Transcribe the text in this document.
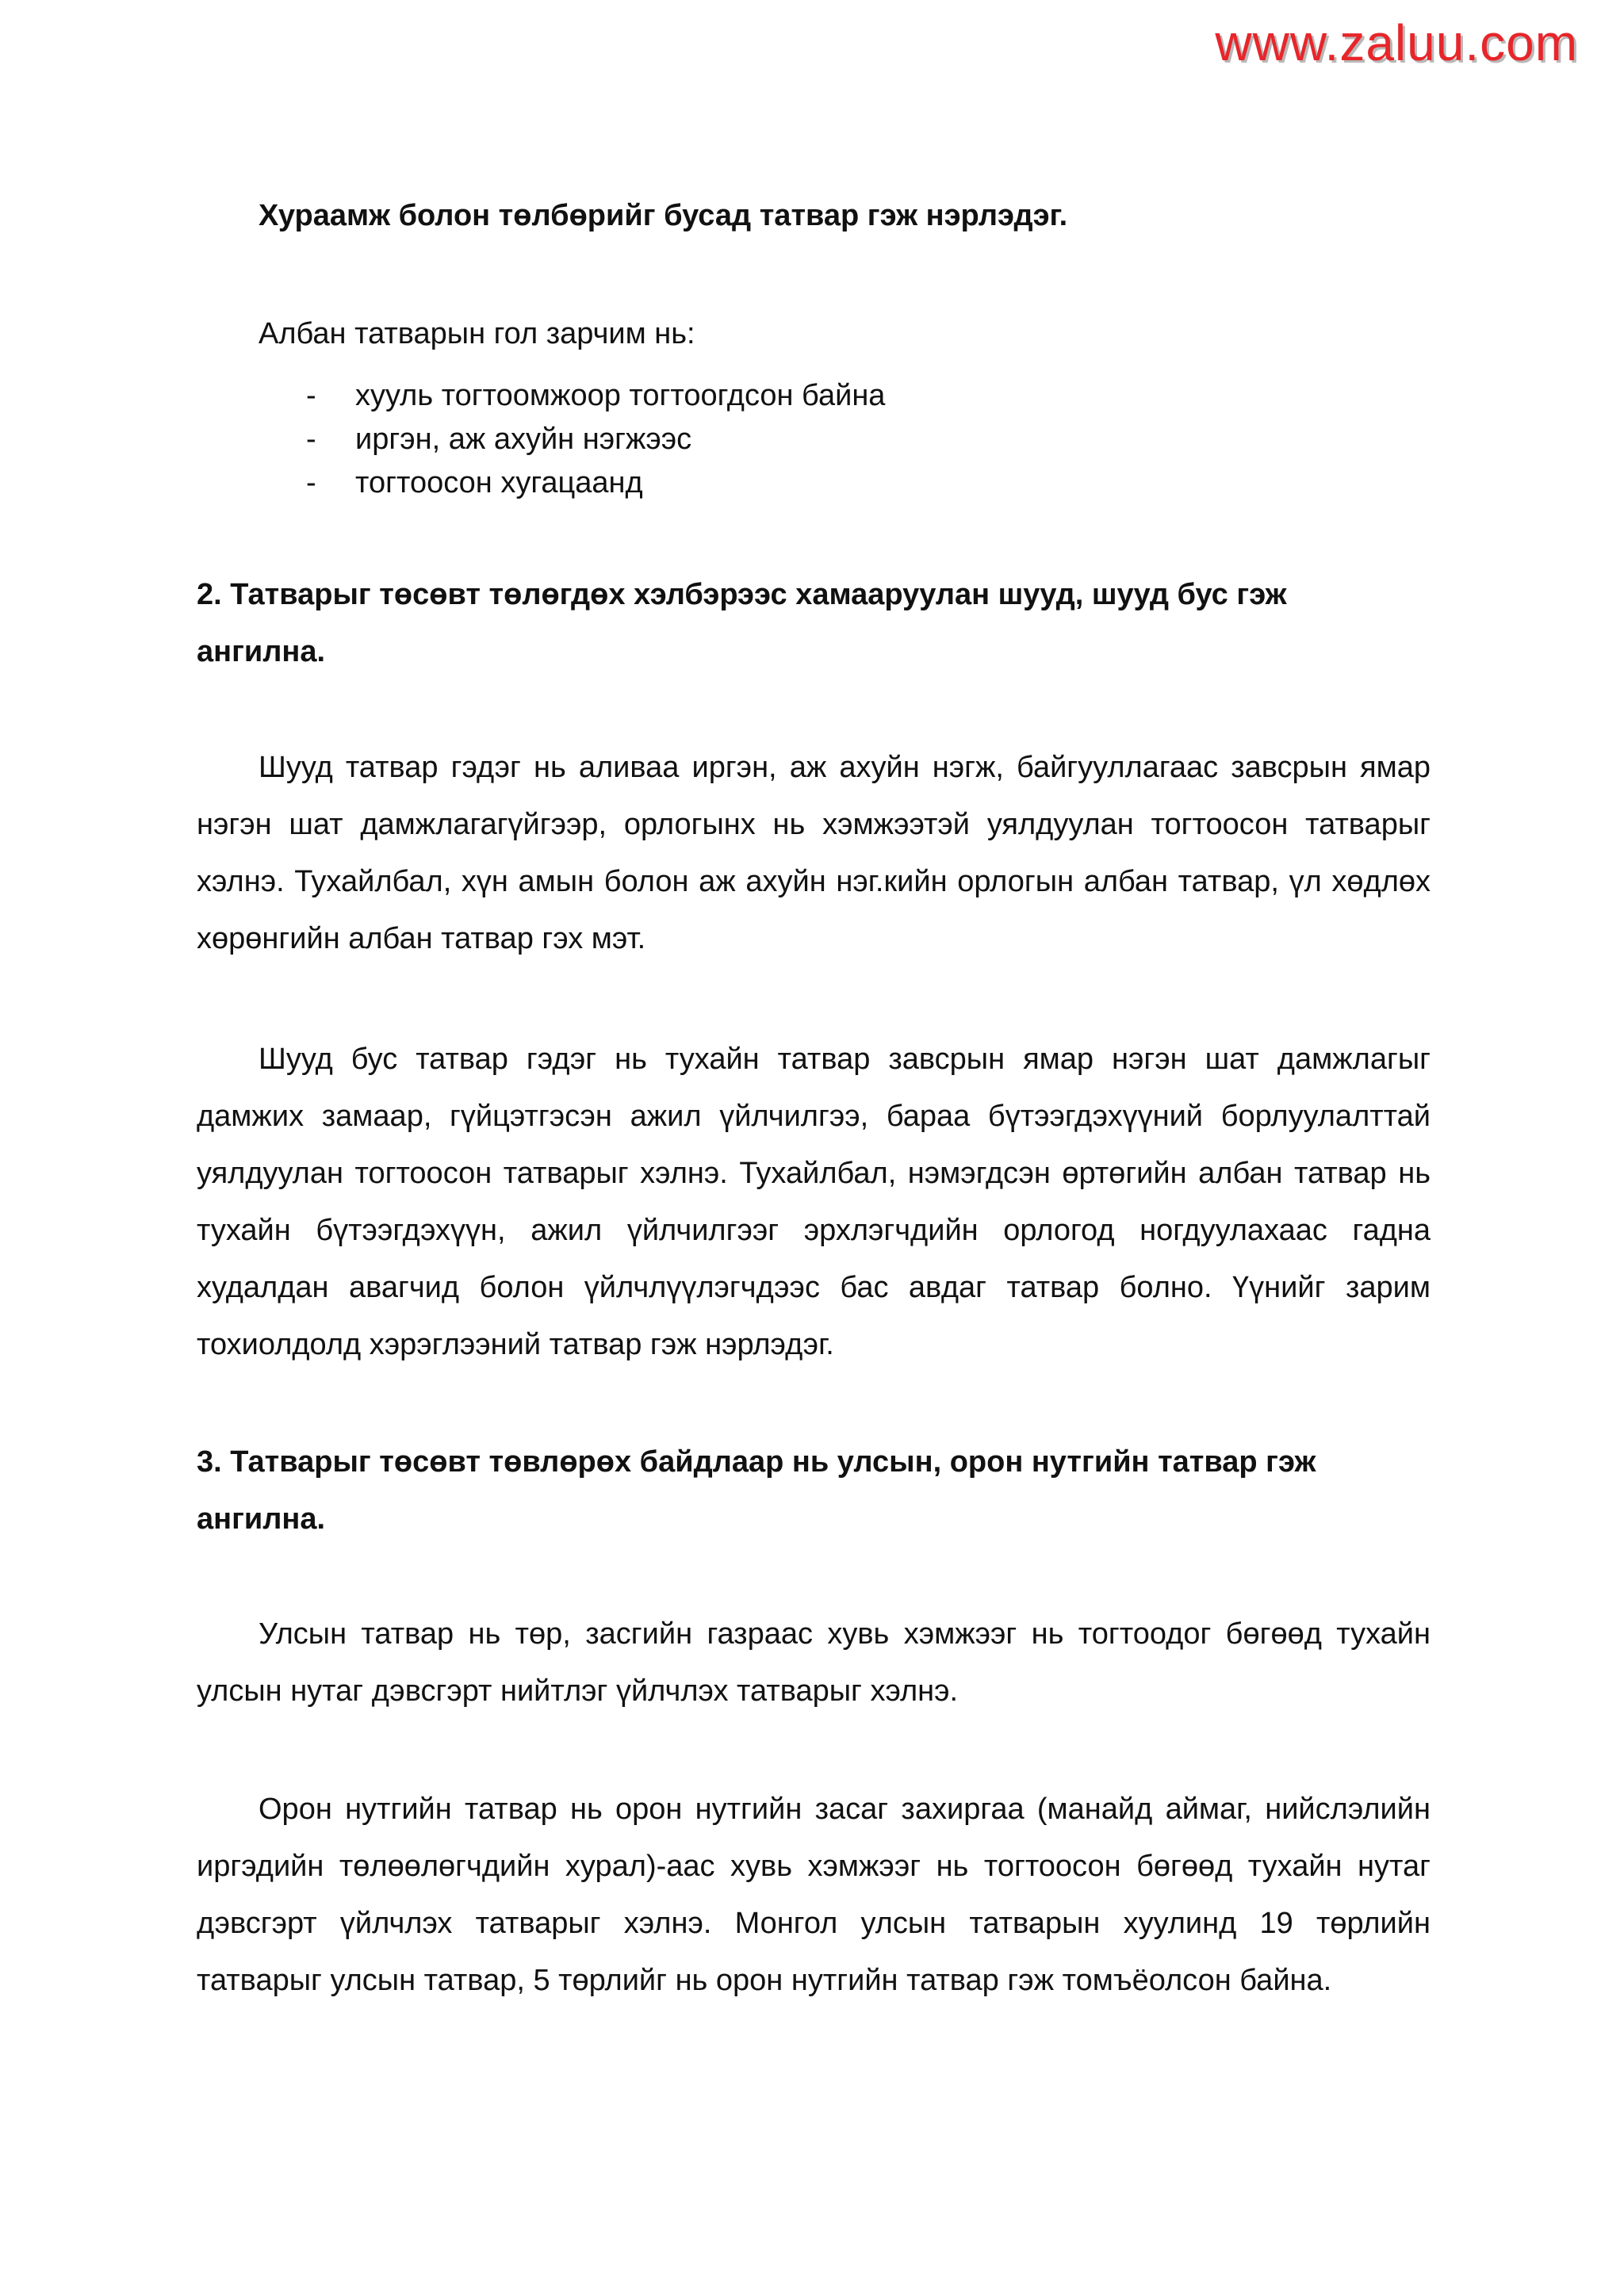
www.zaluu.com

Хураамж болон төлбөрийг бусад татвар гэж нэрлэдэг.

Албан татварын гол зарчим нь:

- хууль тогтоомжоор тогтоогдсон байна
- иргэн, аж ахуйн нэгжээс
- тогтоосон хугацаанд

2. Татварыг төсөвт төлөгдөх хэлбэрээс хамааруулан шууд, шууд бус гэж ангилна.

Шууд татвар гэдэг нь аливаа иргэн, аж ахуйн нэгж, байгууллагаас завсрын ямар нэгэн шат дамжлагагүйгээр, орлогынх нь хэмжээтэй уялдуулан тогтоосон татварыг хэлнэ. Тухайлбал, хүн амын болон аж ахуйн нэг.кийн орлогын албан татвар, үл хөдлөх хөрөнгийн албан татвар гэх мэт.

Шууд бус татвар гэдэг нь тухайн татвар завсрын ямар нэгэн шат дамжлагыг дамжих замаар, гүйцэтгэсэн ажил үйлчилгээ, бараа бүтээгдэхүүний борлуулалттай уялдуулан тогтоосон татварыг хэлнэ. Тухайлбал, нэмэгдсэн өртөгийн албан татвар нь тухайн бүтээгдэхүүн, ажил үйлчилгээг эрхлэгчдийн орлогод ногдуулахаас гадна худалдан авагчид болон үйлчлүүлэгчдээс бас авдаг татвар болно. Үүнийг зарим тохиолдолд хэрэглээний татвар гэж нэрлэдэг.

3. Татварыг төсөвт төвлөрөх байдлаар нь улсын, орон нутгийн татвар гэж ангилна.

Улсын татвар нь төр, засгийн газраас хувь хэмжээг нь тогтоодог бөгөөд тухайн улсын нутаг дэвсгэрт нийтлэг үйлчлэх татварыг хэлнэ.

Орон нутгийн татвар нь орон нутгийн засаг захиргаа (манайд аймаг, нийслэлийн иргэдийн төлөөлөгчдийн хурал)-аас хувь хэмжээг нь тогтоосон бөгөөд тухайн нутаг дэвсгэрт үйлчлэх татварыг хэлнэ. Монгол улсын татварын хуулинд 19 төрлийн татварыг улсын татвар, 5 төрлийг нь орон нутгийн татвар гэж томъёолсон байна.
